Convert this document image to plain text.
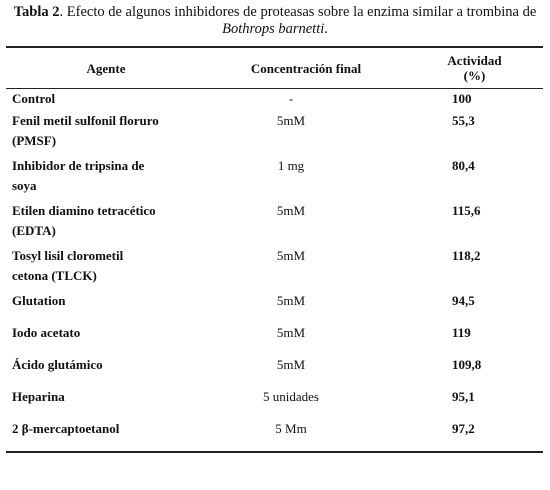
Tabla 2. Efecto de algunos inhibidores de proteasas sobre la enzima similar a trombina de Bothrops barnetti.
Agente	Concentración final	Actividad
(%)
Control	-	100
Fenil metil sulfonil floruro
(PMSF)	5mM	55,3
Inhibidor de tripsina de
soya	1 mg	80,4
Etilen diamino tetracético
(EDTA)	5mM	115,6
Tosyl lisil clorometil
cetona (TLCK)	5mM	118,2
Glutation	5mM	94,5
Iodo acetato	5mM	119
Ácido glutámico	5mM	109,8
Heparina	5 unidades	95,1
2 β-mercaptoetanol	5 Mm	97,2
